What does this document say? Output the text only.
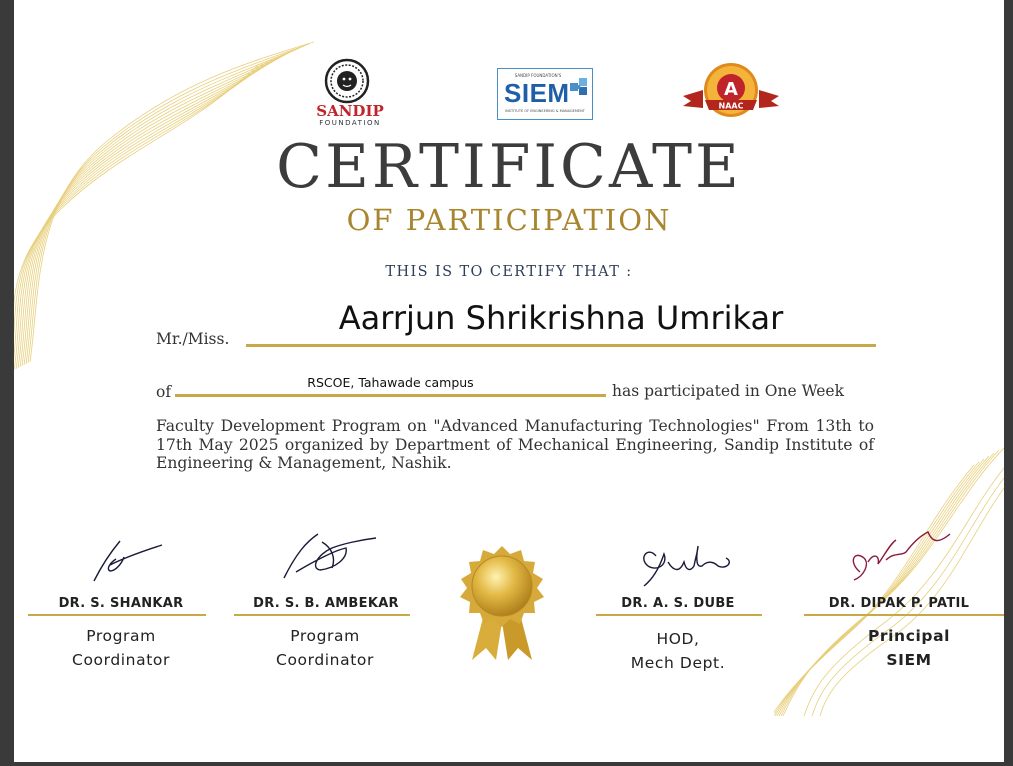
SANDIP
FOUNDATION
SANDIP FOUNDATION'S
SIEM
INSTITUTE OF ENGINEERING & MANAGEMENT
A
NAAC
CERTIFICATE
OF PARTICIPATION
THIS IS TO CERTIFY THAT :
Mr./Miss.
Aarrjun Shrikrishna Umrikar
of
RSCOE, Tahawade campus	has participated in One Week
Faculty Development Program on "Advanced Manufacturing Technologies" From 13th to 17th May 2025 organized by Department of Mechanical Engineering, Sandip Institute of Engineering & Management, Nashik.
DR. S. SHANKAR
Program
Coordinator
DR. S. B. AMBEKAR
Program
Coordinator
DR. A. S. DUBE
HOD,
Mech Dept.
DR. DIPAK P. PATIL
Principal
SIEM
